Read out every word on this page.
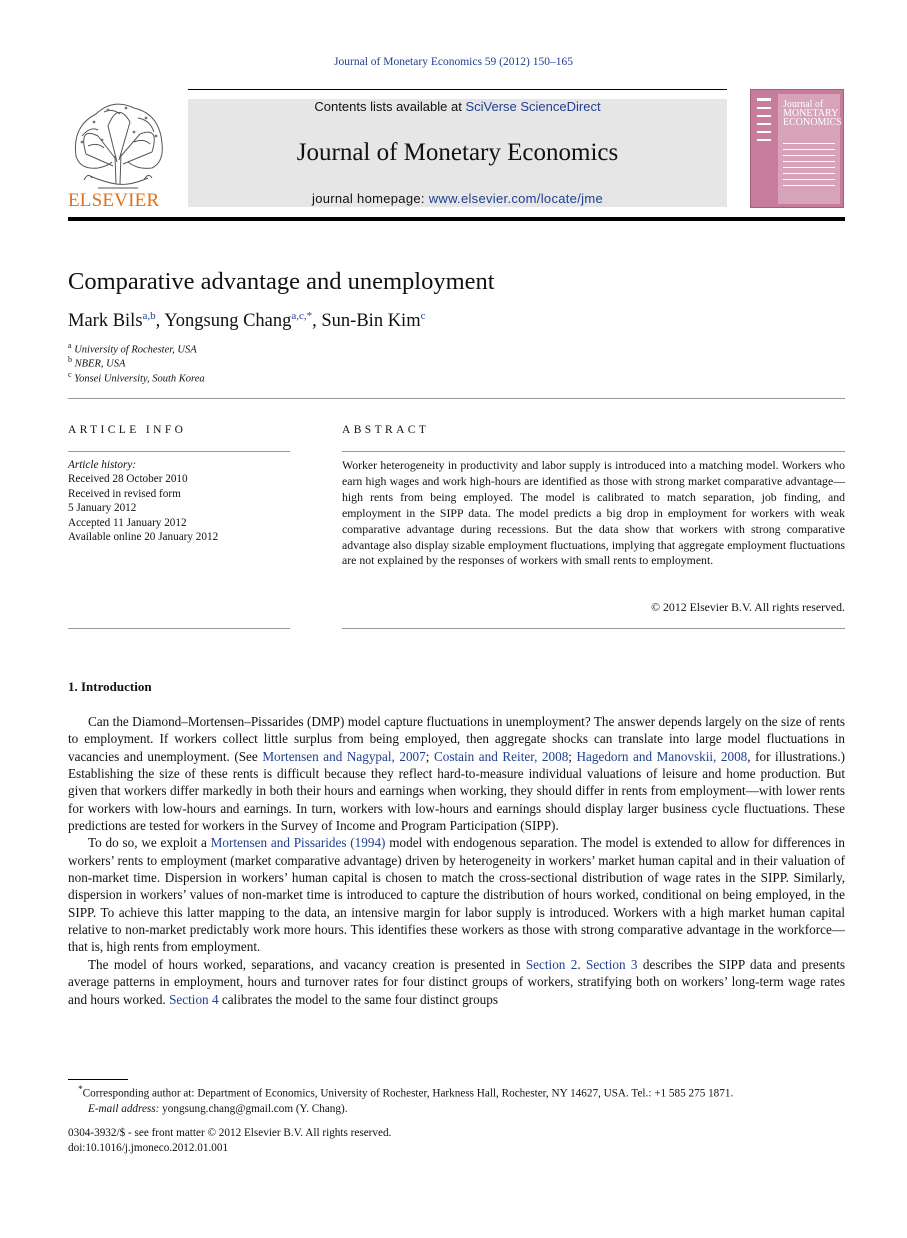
Journal of Monetary Economics 59 (2012) 150–165
ELSEVIER
Contents lists available at SciVerse ScienceDirect
Journal of Monetary Economics
journal homepage: www.elsevier.com/locate/jme
Journal of MONETARY ECONOMICS
Comparative advantage and unemployment
Mark Bils$^{a,b}$, Yongsung Chang$^{a,c,*}$, Sun-Bin Kim$^c$
$^a$ University of Rochester, USA
$^b$ NBER, USA
$^c$ Yonsei University, South Korea
ARTICLE INFO	ABSTRACT
Article history:
Received 28 October 2010
Received in revised form
5 January 2012
Accepted 11 January 2012
Available online 20 January 2012
Worker heterogeneity in productivity and labor supply is introduced into a matching model. Workers who earn high wages and work high-hours are identified as those with strong market comparative advantage—high rents from being employed. The model is calibrated to match separation, job finding, and employment in the SIPP data. The model predicts a big drop in employment for workers with weak comparative advantage during recessions. But the data show that workers with strong comparative advantage also display sizable employment fluctuations, implying that aggregate employment fluctuations are not explained by the responses of workers with small rents to employment.
© 2012 Elsevier B.V. All rights reserved.
1. Introduction

Can the Diamond–Mortensen–Pissarides (DMP) model capture fluctuations in unemployment? The answer depends largely on the size of rents to employment. If workers collect little surplus from being employed, then aggregate shocks can translate into large model fluctuations in vacancies and unemployment. (See Mortensen and Nagypal, 2007; Costain and Reiter, 2008; Hagedorn and Manovskii, 2008, for illustrations.) Establishing the size of these rents is difficult because they reflect hard-to-measure individual valuations of leisure and home production. But given that workers differ markedly in both their hours and earnings when working, they should differ in rents from employment—with lower rents for workers with low-hours and earnings. In turn, workers with low-hours and earnings should display larger business cycle fluctuations. These predictions are tested for workers in the Survey of Income and Program Participation (SIPP).

To do so, we exploit a Mortensen and Pissarides (1994) model with endogenous separation. The model is extended to allow for differences in workers’ rents to employment (market comparative advantage) driven by heterogeneity in workers’ market human capital and in their valuation of non-market time. Dispersion in workers’ human capital is chosen to match the cross-sectional distribution of wage rates in the SIPP. Similarly, dispersion in workers’ values of non-market time is introduced to capture the distribution of hours worked, conditional on being employed, in the SIPP. To achieve this latter mapping to the data, an intensive margin for labor supply is introduced. Workers with a high market human capital relative to non-market predictably work more hours. This identifies these workers as those with strong comparative advantage in the workforce—that is, high rents from employment.

The model of hours worked, separations, and vacancy creation is presented in Section 2. Section 3 describes the SIPP data and presents average patterns in employment, hours and turnover rates for four distinct groups of workers, stratifying both on workers’ long-term wage rates and hours worked. Section 4 calibrates the model to the same four distinct groups

*Corresponding author at: Department of Economics, University of Rochester, Harkness Hall, Rochester, NY 14627, USA. Tel.: +1 585 275 1871.
E-mail address: yongsung.chang@gmail.com (Y. Chang).
0304-3932/$ - see front matter © 2012 Elsevier B.V. All rights reserved.
doi:10.1016/j.jmoneco.2012.01.001
